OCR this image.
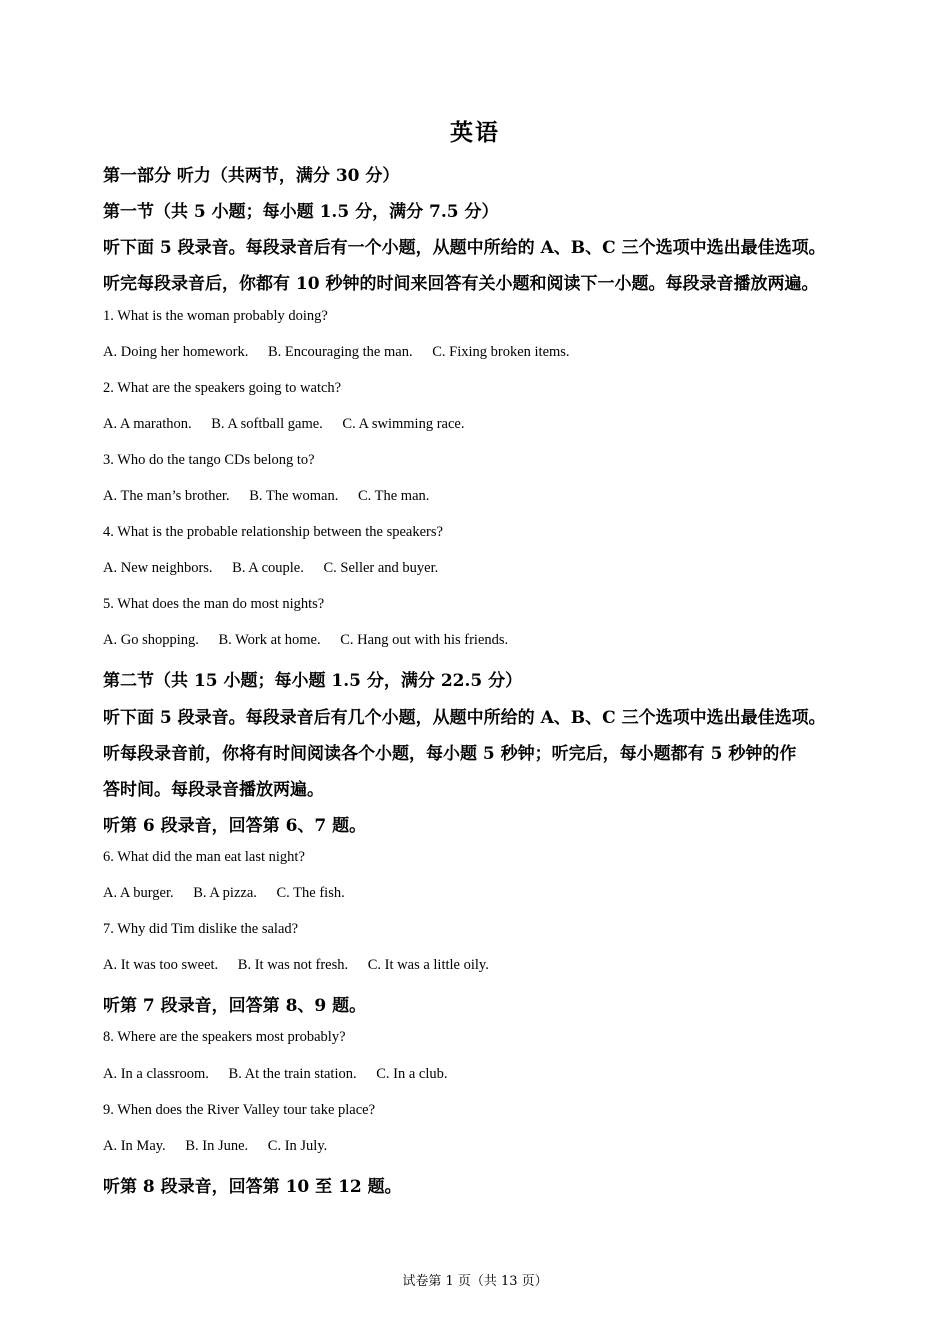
英语
第一部分 听力（共两节，满分 30 分）
第一节（共 5 小题；每小题 1.5 分，满分 7.5 分）
听下面 5 段录音。每段录音后有一个小题，从题中所给的 A、B、C 三个选项中选出最佳选项。
听完每段录音后，你都有 10 秒钟的时间来回答有关小题和阅读下一小题。每段录音播放两遍。
1. What is the woman probably doing?
A. Doing her homework. B. Encouraging the man. C. Fixing broken items.
2. What are the speakers going to watch?
A. A marathon. B. A softball game. C. A swimming race.
3. Who do the tango CDs belong to?
A. The man’s brother. B. The woman. C. The man.
4. What is the probable relationship between the speakers?
A. New neighbors. B. A couple. C. Seller and buyer.
5. What does the man do most nights?
A. Go shopping. B. Work at home. C. Hang out with his friends.
第二节（共 15 小题；每小题 1.5 分，满分 22.5 分）
听下面 5 段录音。每段录音后有几个小题，从题中所给的 A、B、C 三个选项中选出最佳选项。
听每段录音前，你将有时间阅读各个小题，每小题 5 秒钟；听完后，每小题都有 5 秒钟的作
答时间。每段录音播放两遍。
听第 6 段录音，回答第 6、7 题。
6. What did the man eat last night?
A. A burger. B. A pizza. C. The fish.
7. Why did Tim dislike the salad?
A. It was too sweet. B. It was not fresh. C. It was a little oily.
听第 7 段录音，回答第 8、9 题。
8. Where are the speakers most probably?
A. In a classroom. B. At the train station. C. In a club.
9. When does the River Valley tour take place?
A. In May. B. In June. C. In July.
听第 8 段录音，回答第 10 至 12 题。
试卷第 1 页（共 13 页）
